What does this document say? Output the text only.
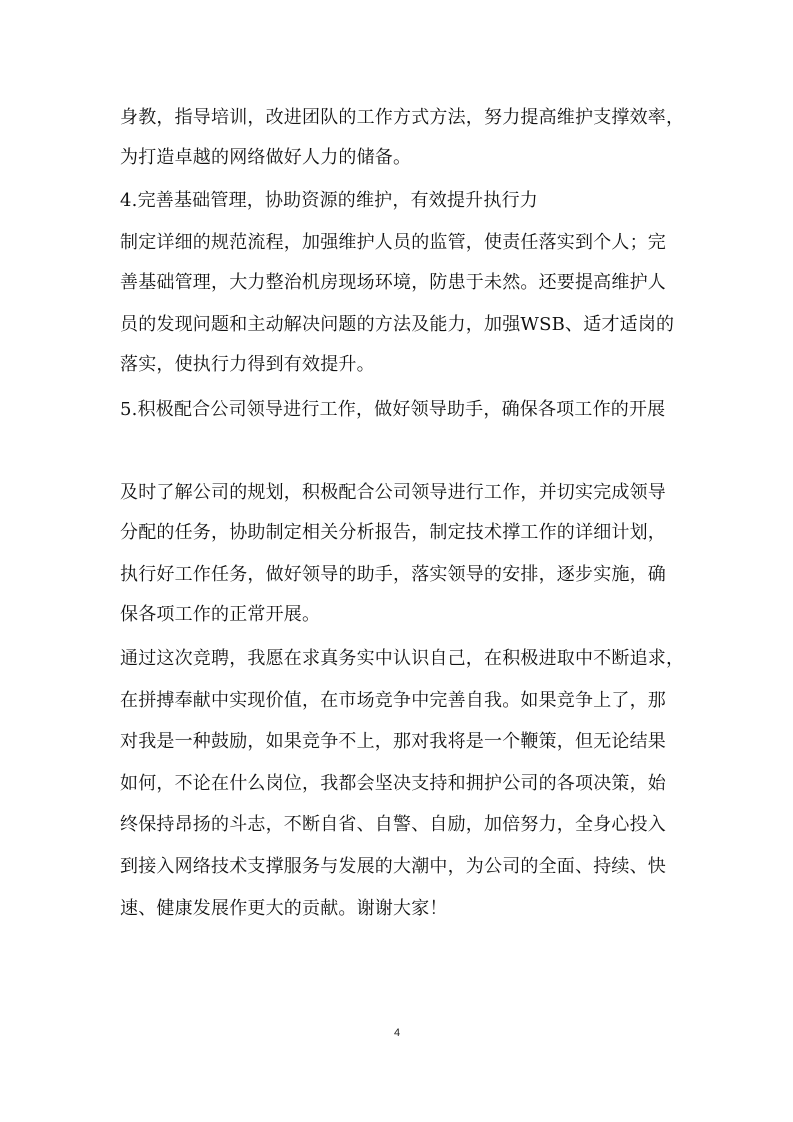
身教，指导培训，改进团队的工作方式方法，努力提高维护支撑效率，
为打造卓越的网络做好人力的储备。
4.完善基础管理，协助资源的维护，有效提升执行力
制定详细的规范流程，加强维护人员的监管，使责任落实到个人；完
善基础管理，大力整治机房现场环境，防患于未然。还要提高维护人
员的发现问题和主动解决问题的方法及能力，加强WSB、适才适岗的
落实，使执行力得到有效提升。
5.积极配合公司领导进行工作，做好领导助手，确保各项工作的开展
及时了解公司的规划，积极配合公司领导进行工作，并切实完成领导
分配的任务，协助制定相关分析报告，制定技术撑工作的详细计划，
执行好工作任务，做好领导的助手，落实领导的安排，逐步实施，确
保各项工作的正常开展。
通过这次竞聘，我愿在求真务实中认识自己，在积极进取中不断追求，
在拼搏奉献中实现价值，在市场竞争中完善自我。如果竞争上了，那
对我是一种鼓励，如果竞争不上，那对我将是一个鞭策，但无论结果
如何，不论在什么岗位，我都会坚决支持和拥护公司的各项决策，始
终保持昂扬的斗志，不断自省、自警、自励，加倍努力，全身心投入
到接入网络技术支撑服务与发展的大潮中，为公司的全面、持续、快
速、健康发展作更大的贡献。谢谢大家！
4
